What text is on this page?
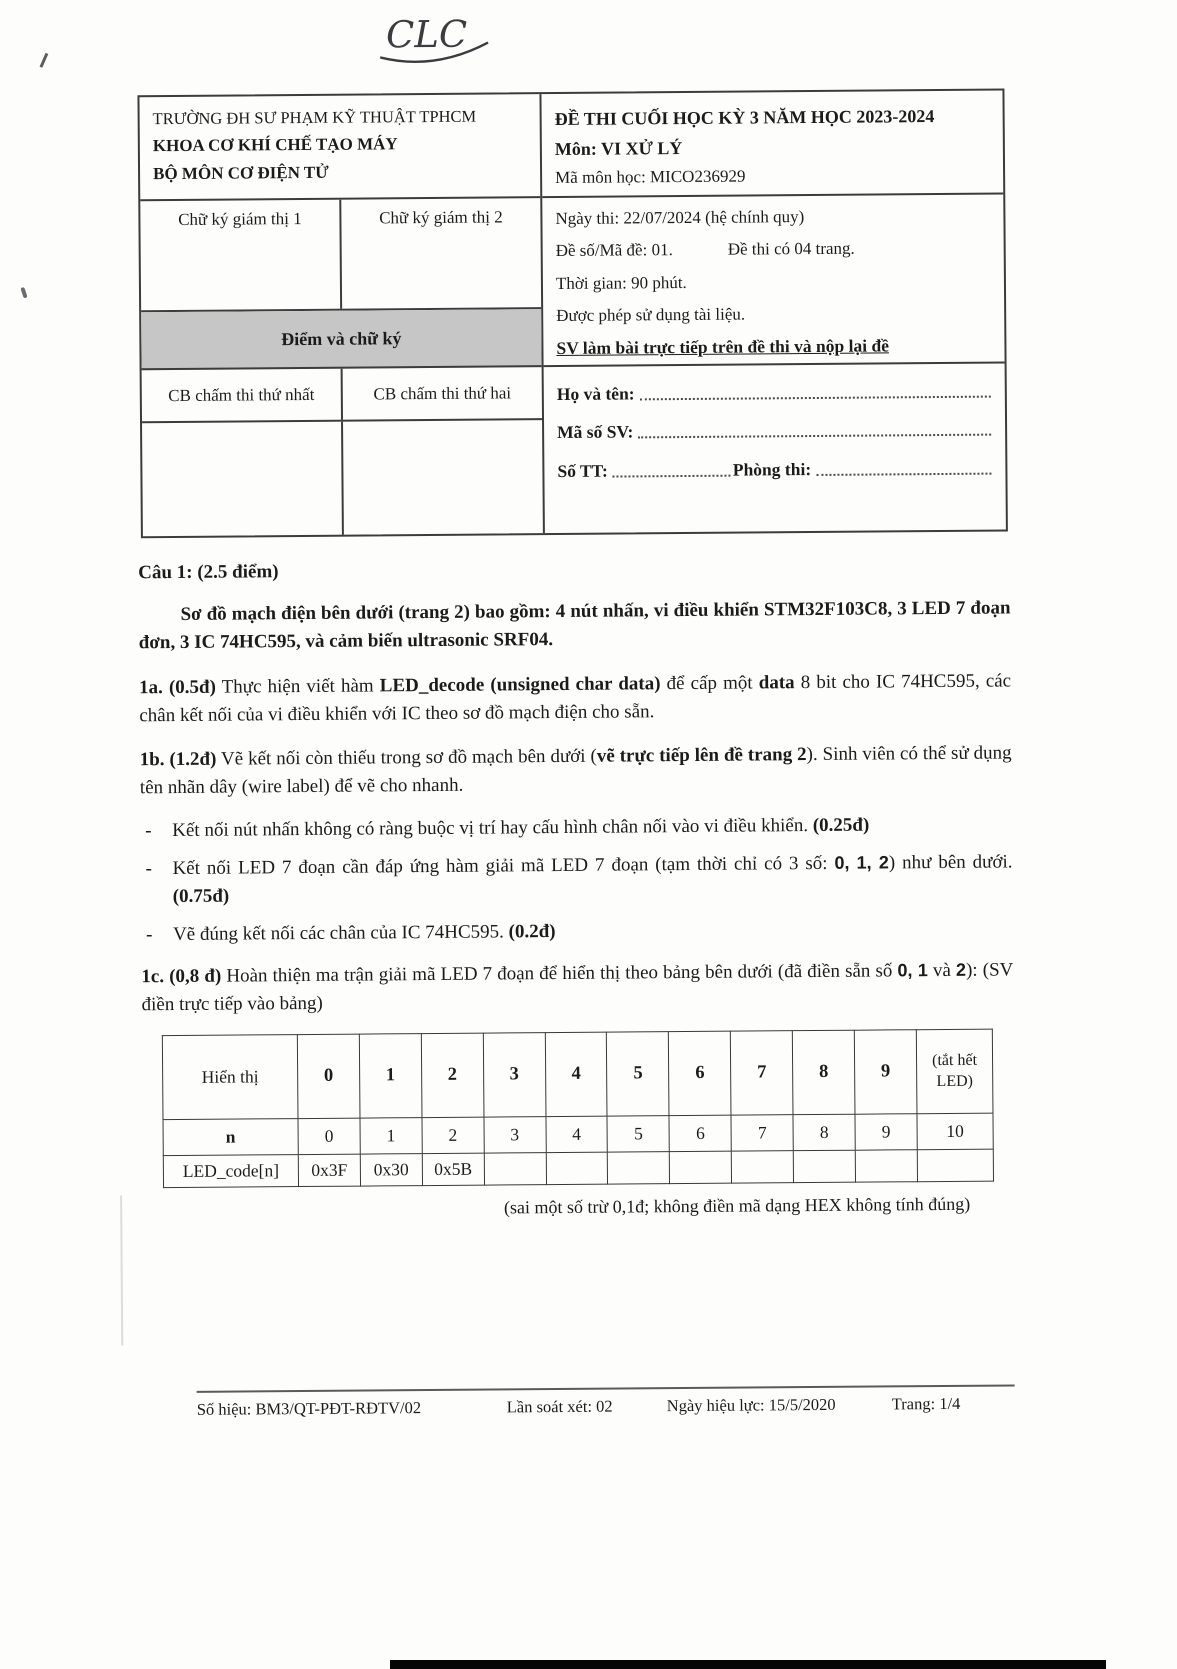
CLC
TRƯỜNG ĐH SƯ PHẠM KỸ THUẬT TPHCM
KHOA CƠ KHÍ CHẾ TẠO MÁY
BỘ MÔN CƠ ĐIỆN TỬ
Chữ ký giám thị 1	Chữ ký giám thị 2
Điểm và chữ ký
CB chấm thi thứ nhất	CB chấm thi thứ hai
ĐỀ THI CUỐI HỌC KỲ 3 NĂM HỌC 2023-2024
Môn: VI XỬ LÝ
Mã môn học: MICO236929
Ngày thi: 22/07/2024 (hệ chính quy)
Đề số/Mã đề: 01.	Đề thi có 04 trang.
Thời gian: 90 phút.
Được phép sử dụng tài liệu.
SV làm bài trực tiếp trên đề thi và nộp lại đề
Họ và tên:
Mã số SV:
Số TT:	Phòng thi:

Câu 1: (2.5 điểm)

Sơ đồ mạch điện bên dưới (trang 2) bao gồm: 4 nút nhấn, vi điều khiển STM32F103C8, 3 LED 7 đoạn đơn, 3 IC 74HC595, và cảm biến ultrasonic SRF04.

1a. (0.5đ) Thực hiện viết hàm LED_decode (unsigned char data) để cấp một data 8 bit cho IC 74HC595, các chân kết nối của vi điều khiển với IC theo sơ đồ mạch điện cho sẵn.

1b. (1.2đ) Vẽ kết nối còn thiếu trong sơ đồ mạch bên dưới (vẽ trực tiếp lên đề trang 2). Sinh viên có thể sử dụng tên nhãn dây (wire label) để vẽ cho nhanh.

-	Kết nối nút nhấn không có ràng buộc vị trí hay cấu hình chân nối vào vi điều khiển. (0.25đ)
-	Kết nối LED 7 đoạn cần đáp ứng hàm giải mã LED 7 đoạn (tạm thời chỉ có 3 số: 0, 1, 2) như bên dưới. (0.75đ)
-	Vẽ đúng kết nối các chân của IC 74HC595. (0.2đ)

1c. (0,8 đ) Hoàn thiện ma trận giải mã LED 7 đoạn để hiển thị theo bảng bên dưới (đã điền sẵn số 0, 1 và 2): (SV điền trực tiếp vào bảng)

Hiển thị	0	1	2	3	4	5	6	7	8	9	(tắt hết LED)
n	0	1	2	3	4	5	6	7	8	9	10
LED_code[n]	0x3F	0x30	0x5B								

(sai một số trừ 0,1đ; không điền mã dạng HEX không tính đúng)

Số hiệu: BM3/QT-PĐT-RĐTV/02	Lần soát xét: 02	Ngày hiệu lực: 15/5/2020	Trang: 1/4
